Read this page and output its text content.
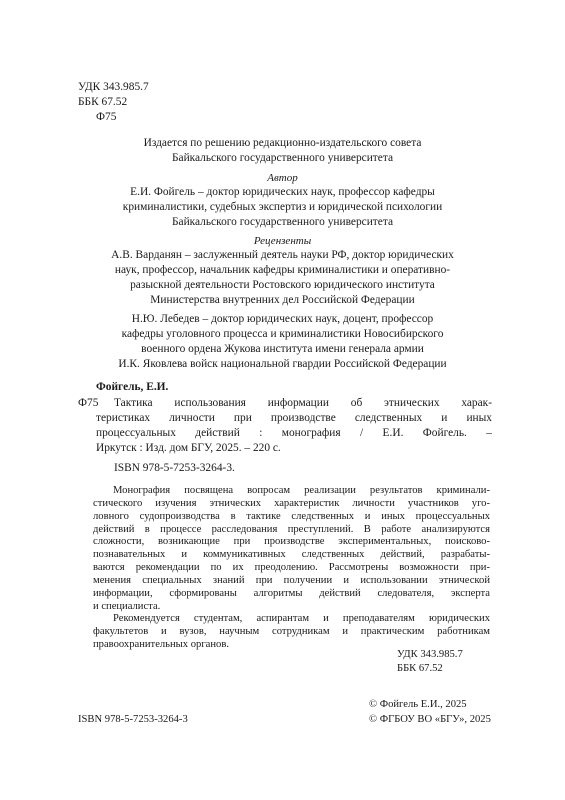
УДК 343.985.7
ББК 67.52
Ф75
Издается по решению редакционно-издательского совета
Байкальского государственного университета
Автор
Е.И. Фойгель – доктор юридических наук, профессор кафедры
криминалистики, судебных экспертиз и юридической психологии
Байкальского государственного университета
Рецензенты
А.В. Варданян – заслуженный деятель науки РФ, доктор юридических
наук, профессор, начальник кафедры криминалистики и оперативно-
разыскной деятельности Ростовского юридического института
Министерства внутренних дел Российской Федерации
Н.Ю. Лебедев – доктор юридических наук, доцент, профессор
кафедры уголовного процесса и криминалистики Новосибирского
военного ордена Жукова института имени генерала армии
И.К. Яковлева войск национальной гвардии Российской Федерации
Фойгель, Е.И.
Ф75 Тактика использования информации об этнических харак-
теристиках личности при производстве следственных и иных
процессуальных действий : монография / Е.И. Фойгель. –
Иркутск : Изд. дом БГУ, 2025. – 220 с.
ISBN 978-5-7253-3264-3.
Монография посвящена вопросам реализации результатов криминали-
стического изучения этнических характеристик личности участников уго-
ловного судопроизводства в тактике следственных и иных процессуальных
действий в процессе расследования преступлений. В работе анализируются
сложности, возникающие при производстве экспериментальных, поисково-
познавательных и коммуникативных следственных действий, разрабаты-
ваются рекомендации по их преодолению. Рассмотрены возможности при-
менения специальных знаний при получении и использовании этнической
информации, сформированы алгоритмы действий следователя, эксперта
и специалиста.
Рекомендуется студентам, аспирантам и преподавателям юридических
факультетов и вузов, научным сотрудникам и практическим работникам
правоохранительных органов.
УДК 343.985.7
ББК 67.52
ISBN 978-5-7253-3264-3
© Фойгель Е.И., 2025
© ФГБОУ ВО «БГУ», 2025
